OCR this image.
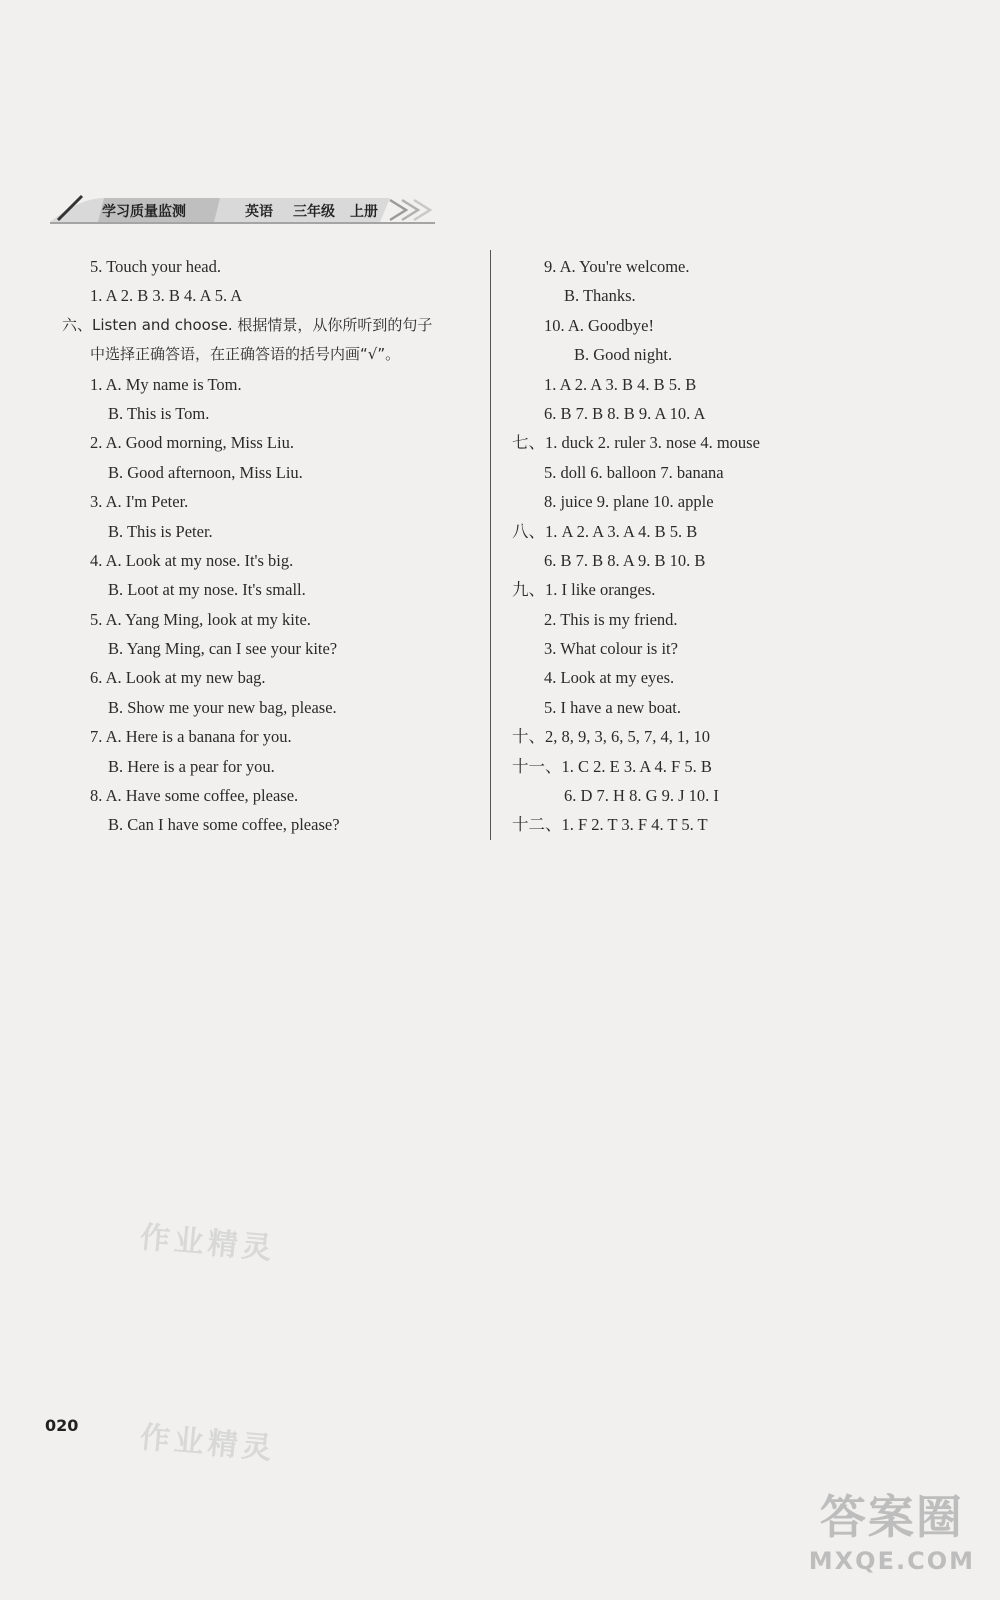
学习质量监测	英语 三年级 上册
5. Touch your head.
1. A 2. B 3. B 4. A 5. A
六、Listen and choose. 根据情景，从你所听到的句子
中选择正确答语，在正确答语的括号内画“√”。
1. A. My name is Tom.
B. This is Tom.
2. A. Good morning, Miss Liu.
B. Good afternoon, Miss Liu.
3. A. I'm Peter.
B. This is Peter.
4. A. Look at my nose. It's big.
B. Loot at my nose. It's small.
5. A. Yang Ming, look at my kite.
B. Yang Ming, can I see your kite?
6. A. Look at my new bag.
B. Show me your new bag, please.
7. A. Here is a banana for you.
B. Here is a pear for you.
8. A. Have some coffee, please.
B. Can I have some coffee, please?
9. A. You're welcome.
B. Thanks.
10. A. Goodbye!
B. Good night.
1. A 2. A 3. B 4. B 5. B
6. B 7. B 8. B 9. A 10. A
七、1. duck 2. ruler 3. nose 4. mouse
5. doll 6. balloon 7. banana
8. juice 9. plane 10. apple
八、1. A 2. A 3. A 4. B 5. B
6. B 7. B 8. A 9. B 10. B
九、1. I like oranges.
2. This is my friend.
3. What colour is it?
4. Look at my eyes.
5. I have a new boat.
十、2, 8, 9, 3, 6, 5, 7, 4, 1, 10
十一、1. C 2. E 3. A 4. F 5. B
6. D 7. H 8. G 9. J 10. I
十二、1. F 2. T 3. F 4. T 5. T
作业精灵
作业精灵
020
答案圈
MXQE.COM
